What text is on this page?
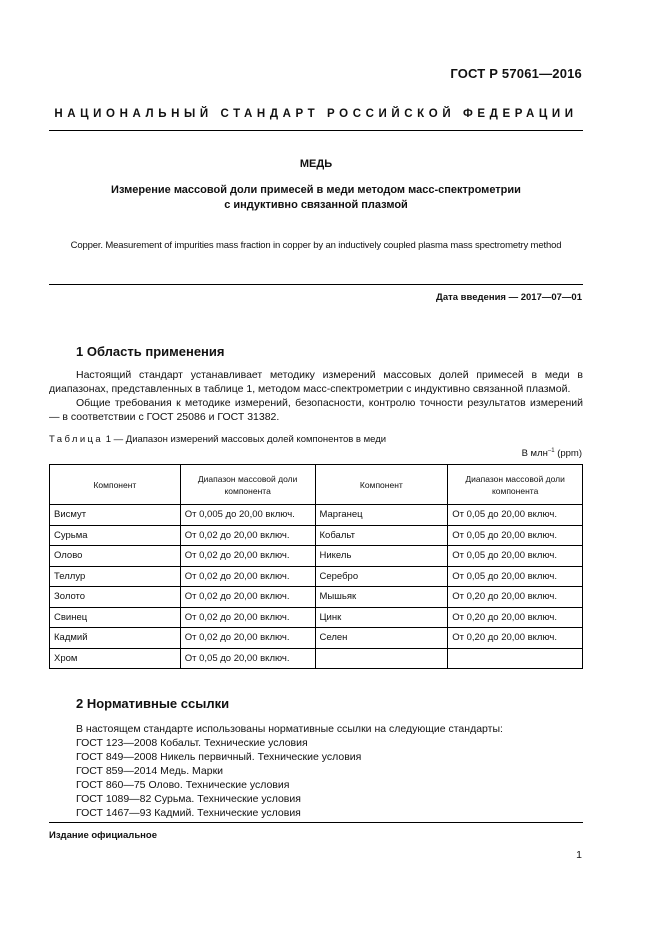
ГОСТ Р 57061—2016
НАЦИОНАЛЬНЫЙ СТАНДАРТ РОССИЙСКОЙ ФЕДЕРАЦИИ
МЕДЬ
Измерение массовой доли примесей в меди методом масс-спектрометрии
с индуктивно связанной плазмой
Copper. Measurement of impurities mass fraction in copper by an inductively coupled plasma mass spectrometry method
Дата введения — 2017—07—01
1 Область применения
Настоящий стандарт устанавливает методику измерений массовых долей примесей в меди в диапазонах, представленных в таблице 1, методом масс-спектрометрии с индуктивно связанной плазмой.
Общие требования к методике измерений, безопасности, контролю точности результатов измерений — в соответствии с ГОСТ 25086 и ГОСТ 31382.
Таблица 1 — Диапазон измерений массовых долей компонентов в меди
В млн$^{-1}$ (ppm)
Компонент	Диапазон массовой доли компонента	Компонент	Диапазон массовой доли компонента
Висмут	От 0,005 до 20,00 включ.	Марганец	От 0,05 до 20,00 включ.
Сурьма	От 0,02 до 20,00 включ.	Кобальт	От 0,05 до 20,00 включ.
Олово	От 0,02 до 20,00 включ.	Никель	От 0,05 до 20,00 включ.
Теллур	От 0,02 до 20,00 включ.	Серебро	От 0,05 до 20,00 включ.
Золото	От 0,02 до 20,00 включ.	Мышьяк	От 0,20 до 20,00 включ.
Свинец	От 0,02 до 20,00 включ.	Цинк	От 0,20 до 20,00 включ.
Кадмий	От 0,02 до 20,00 включ.	Селен	От 0,20 до 20,00 включ.
Хром	От 0,05 до 20,00 включ.		
2 Нормативные ссылки
В настоящем стандарте использованы нормативные ссылки на следующие стандарты:
ГОСТ 123—2008 Кобальт. Технические условия
ГОСТ 849—2008 Никель первичный. Технические условия
ГОСТ 859—2014 Медь. Марки
ГОСТ 860—75 Олово. Технические условия
ГОСТ 1089—82 Сурьма. Технические условия
ГОСТ 1467—93 Кадмий. Технические условия
Издание официальное
1
